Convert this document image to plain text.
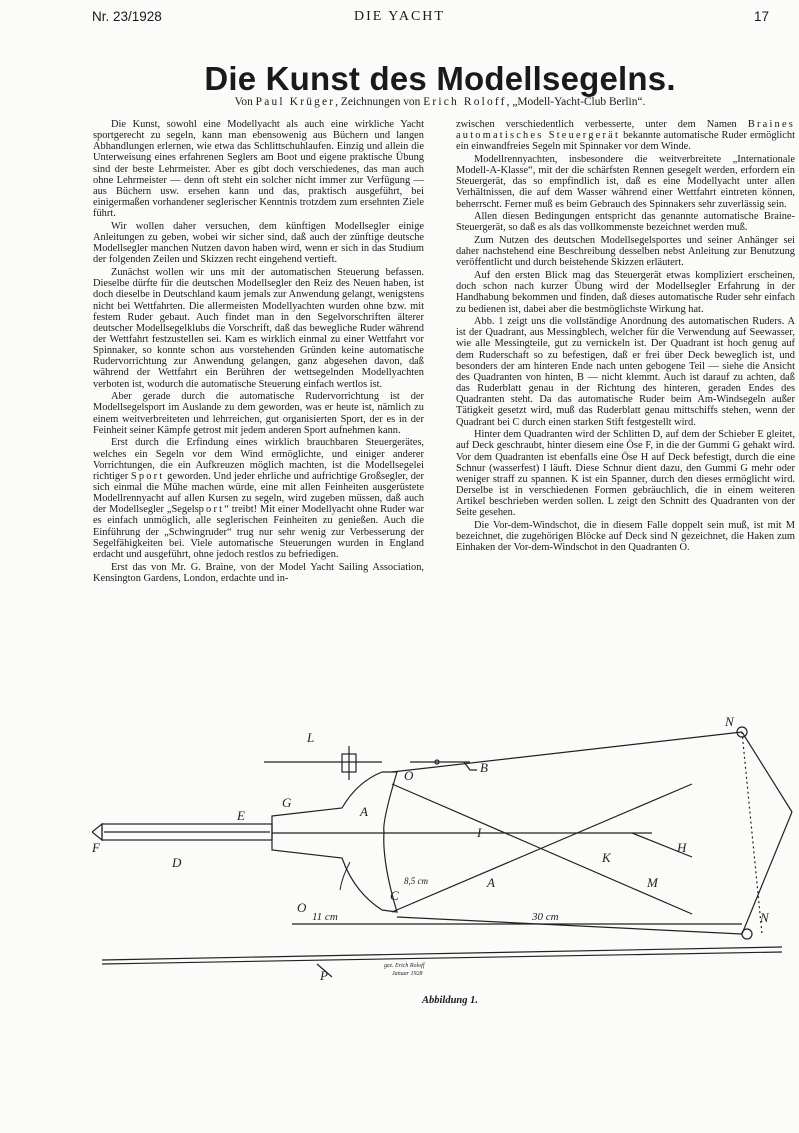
Nr. 23/1928	DIE YACHT	17
Die Kunst des Modellsegelns.
Von Paul Krüger, Zeichnungen von Erich Roloff, „Modell-Yacht-Club Berlin“.

Die Kunst, sowohl eine Modellyacht als auch eine wirkliche Yacht sportgerecht zu segeln, kann man ebensowenig aus Büchern und langen Abhandlungen erlernen, wie etwa das Schlittschuhlaufen. Einzig und allein die Unterweisung eines erfahrenen Seglers am Boot und eigene praktische Übung sind der beste Lehrmeister. Aber es gibt doch verschiedenes, das man auch ohne Lehrmeister — denn oft steht ein solcher nicht immer zur Verfügung — aus Büchern usw. ersehen kann und das, praktisch ausgeführt, bei einigermaßen vorhandener seglerischer Kenntnis trotzdem zum ersehnten Ziele führt.

Wir wollen daher versuchen, dem künftigen Modellsegler einige Anleitungen zu geben, wobei wir sicher sind, daß auch der zünftige deutsche Modellsegler manchen Nutzen davon haben wird, wenn er sich in das Studium der folgenden Zeilen und Skizzen recht eingehend vertieft.

Zunächst wollen wir uns mit der automatischen Steuerung befassen. Dieselbe dürfte für die deutschen Modellsegler den Reiz des Neuen haben, ist doch dieselbe in Deutschland kaum jemals zur Anwendung gelangt, wenigstens nicht bei Wettfahrten. Die allermeisten Modellyachten wurden ohne bzw. mit festem Ruder gebaut. Auch findet man in den Segelvorschriften älterer deutscher Modellsegelklubs die Vorschrift, daß das bewegliche Ruder während der Wettfahrt festzustellen sei. Kam es wirklich einmal zu einer Wettfahrt vor Spinnaker, so konnte schon aus vorstehenden Gründen keine automatische Rudervorrichtung zur Anwendung gelangen, ganz abgesehen davon, daß während der Wettfahrt ein Berühren der wettsegelnden Modellyachten verboten ist, wodurch die automatische Steuerung einfach wertlos ist.

Aber gerade durch die automatische Rudervorrichtung ist der Modellsegelsport im Auslande zu dem geworden, was er heute ist, nämlich zu einem weitverbreiteten und lehrreichen, gut organisierten Sport, der es in der Feinheit seiner Kämpfe getrost mit jedem anderen Sport aufnehmen kann.

Erst durch die Erfindung eines wirklich brauchbaren Steuergerätes, welches ein Segeln vor dem Wind ermöglichte, und einiger anderer Vorrichtungen, die ein Aufkreuzen möglich machten, ist die Modellsegelei richtiger Sport geworden. Und jeder ehrliche und aufrichtige Großsegler, der sich einmal die Mühe machen würde, eine mit allen Feinheiten ausgerüstete Modellrennyacht auf allen Kursen zu segeln, wird zugeben müssen, daß auch der Modellsegler „Segelsport“ treibt! Mit einer Modellyacht ohne Ruder war es einfach unmöglich, alle seglerischen Feinheiten zu genießen. Auch die Einführung der „Schwingruder“ trug nur sehr wenig zur Verbesserung der Segelfähigkeiten bei. Viele automatische Steuerungen wurden in England erdacht und ausgeführt, ohne jedoch restlos zu befriedigen.

Erst das von Mr. G. Braine, von der Model Yacht Sailing Association, Kensington Gardens, London, erdachte und in-

zwischen verschiedentlich verbesserte, unter dem Namen Braines automatisches Steuergerät bekannte automatische Ruder ermöglicht ein einwandfreies Segeln mit Spinnaker vor dem Winde.

Modellrennyachten, insbesondere die weitverbreitete „Internationale Modell-A-Klasse“, mit der die schärfsten Rennen gesegelt werden, erfordern ein Steuergerät, das so empfindlich ist, daß es eine Modellyacht unter allen Verhältnissen, die auf dem Wasser während einer Wettfahrt eintreten können, beherrscht. Ferner muß es beim Gebrauch des Spinnakers sehr zuverlässig sein.

Allen diesen Bedingungen entspricht das genannte automatische Braine-Steuergerät, so daß es als das vollkommenste bezeichnet werden muß.

Zum Nutzen des deutschen Modellsegelsportes und seiner Anhänger sei daher nachstehend eine Beschreibung desselben nebst Anleitung zur Benutzung veröffentlicht und durch beistehende Skizzen erläutert.

Auf den ersten Blick mag das Steuergerät etwas kompliziert erscheinen, doch schon nach kurzer Übung wird der Modellsegler Erfahrung in der Handhabung bekommen und finden, daß dieses automatische Ruder sehr einfach zu bedienen ist, dabei aber die bestmöglichste Wirkung hat.

Abb. 1 zeigt uns die vollständige Anordnung des automatischen Ruders. A ist der Quadrant, aus Messingblech, welcher für die Verwendung auf Seewasser, wie alle Messingteile, gut zu vernickeln ist. Der Quadrant ist hoch genug auf dem Ruderschaft so zu befestigen, daß er frei über Deck beweglich ist, und besonders der am hinteren Ende nach unten gebogene Teil — siehe die Ansicht des Quadranten von hinten, B — nicht klemmt. Auch ist darauf zu achten, daß das Ruderblatt genau in der Richtung des hinteren, geraden Endes des Quadranten steht. Da das automatische Ruder beim Am-Windsegeln außer Tätigkeit gesetzt wird, muß das Ruderblatt genau mittschiffs stehen, wenn der Quadrant bei C durch einen starken Stift festgestellt wird.

Hinter dem Quadranten wird der Schlitten D, auf dem der Schieber E gleitet, auf Deck geschraubt, hinter diesem eine Öse F, in die der Gummi G gehakt wird. Vor dem Quadranten ist ebenfalls eine Öse H auf Deck befestigt, durch die eine Schnur (wasserfest) I läuft. Diese Schnur dient dazu, den Gummi G mehr oder weniger straff zu spannen. K ist ein Spanner, durch den dieses ermöglicht wird. Derselbe ist in verschiedenen Formen gebräuchlich, die in einem weiteren Artikel beschrieben werden sollen. L zeigt den Schnitt des Quadranten von der Seite gesehen.

Die Vor-dem-Windschot, die in diesem Falle doppelt sein muß, ist mit M bezeichnet, die zugehörigen Blöcke auf Deck sind N gezeichnet, die Haken zum Einhaken der Vor-dem-Windschot in den Quadranten O.

L
B
E
G
A
O
N
I
K
H
A	M
F
D
O
C
N
P
11 cm	30 cm
8,5 cm
gez. Erich Roloff
Januar 1928
Abbildung 1.
